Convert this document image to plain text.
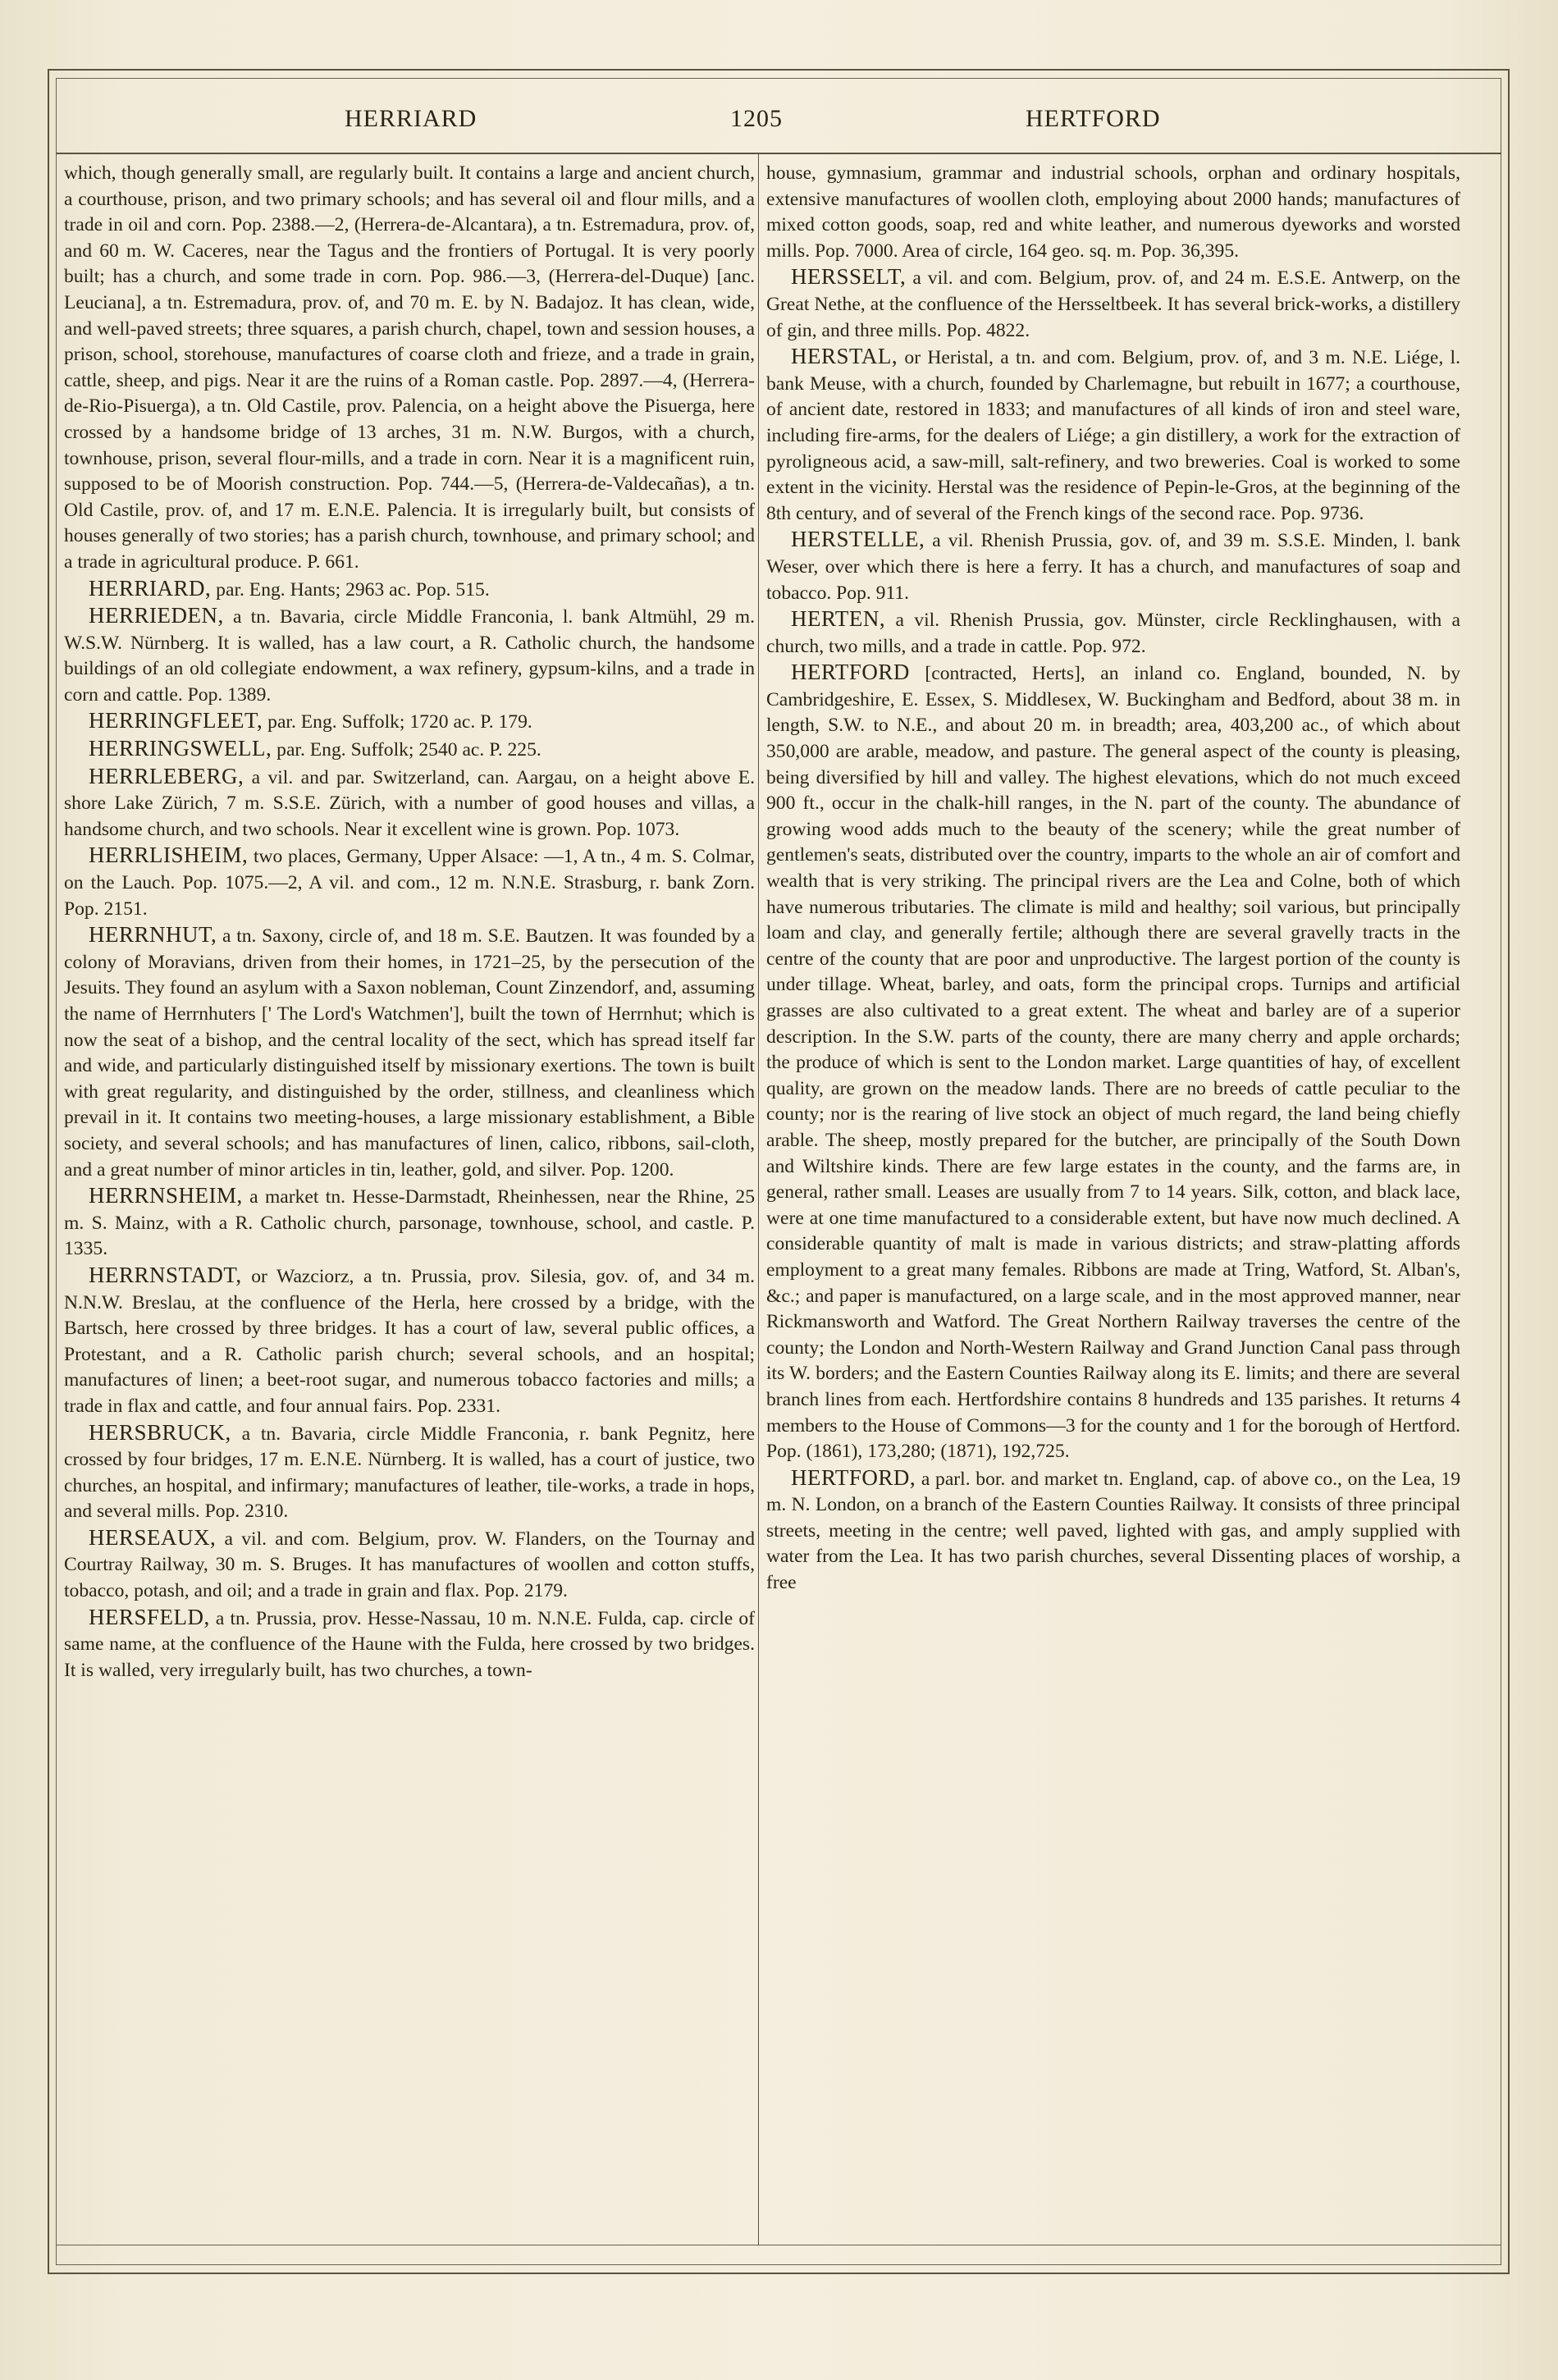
HERRIARD	1205	HERTFORD

which, though generally small, are regularly built. It contains a large and ancient church, a courthouse, prison, and two primary schools; and has several oil and flour mills, and a trade in oil and corn. Pop. 2388.—2, (Herrera-de-Alcantara), a tn. Estremadura, prov. of, and 60 m. W. Caceres, near the Tagus and the frontiers of Portugal. It is very poorly built; has a church, and some trade in corn. Pop. 986.—3, (Herrera-del-Duque) [anc. Leuciana], a tn. Estremadura, prov. of, and 70 m. E. by N. Badajoz. It has clean, wide, and well-paved streets; three squares, a parish church, chapel, town and session houses, a prison, school, storehouse, manufactures of coarse cloth and frieze, and a trade in grain, cattle, sheep, and pigs. Near it are the ruins of a Roman castle. Pop. 2897.—4, (Herrera-de-Rio-Pisuerga), a tn. Old Castile, prov. Palencia, on a height above the Pisuerga, here crossed by a handsome bridge of 13 arches, 31 m. N.W. Burgos, with a church, townhouse, prison, several flour-mills, and a trade in corn. Near it is a magnificent ruin, supposed to be of Moorish construction. Pop. 744.—5, (Herrera-de-Valdecañas), a tn. Old Castile, prov. of, and 17 m. E.N.E. Palencia. It is irregularly built, but consists of houses generally of two stories; has a parish church, townhouse, and primary school; and a trade in agricultural produce. P. 661.

HERRIARD, par. Eng. Hants; 2963 ac. Pop. 515.

HERRIEDEN, a tn. Bavaria, circle Middle Franconia, l. bank Altmühl, 29 m. W.S.W. Nürnberg. It is walled, has a law court, a R. Catholic church, the handsome buildings of an old collegiate endowment, a wax refinery, gypsum-kilns, and a trade in corn and cattle. Pop. 1389.

HERRINGFLEET, par. Eng. Suffolk; 1720 ac. P. 179.

HERRINGSWELL, par. Eng. Suffolk; 2540 ac. P. 225.

HERRLEBERG, a vil. and par. Switzerland, can. Aargau, on a height above E. shore Lake Zürich, 7 m. S.S.E. Zürich, with a number of good houses and villas, a handsome church, and two schools. Near it excellent wine is grown. Pop. 1073.

HERRLISHEIM, two places, Germany, Upper Alsace: —1, A tn., 4 m. S. Colmar, on the Lauch. Pop. 1075.—2, A vil. and com., 12 m. N.N.E. Strasburg, r. bank Zorn. Pop. 2151.

HERRNHUT, a tn. Saxony, circle of, and 18 m. S.E. Bautzen. It was founded by a colony of Moravians, driven from their homes, in 1721–25, by the persecution of the Jesuits. They found an asylum with a Saxon nobleman, Count Zinzendorf, and, assuming the name of Herrnhuters [' The Lord's Watchmen'], built the town of Herrnhut; which is now the seat of a bishop, and the central locality of the sect, which has spread itself far and wide, and particularly distinguished itself by missionary exertions. The town is built with great regularity, and distinguished by the order, stillness, and cleanliness which prevail in it. It contains two meeting-houses, a large missionary establishment, a Bible society, and several schools; and has manufactures of linen, calico, ribbons, sail-cloth, and a great number of minor articles in tin, leather, gold, and silver. Pop. 1200.

HERRNSHEIM, a market tn. Hesse-Darmstadt, Rheinhessen, near the Rhine, 25 m. S. Mainz, with a R. Catholic church, parsonage, townhouse, school, and castle. P. 1335.

HERRNSTADT, or Wazciorz, a tn. Prussia, prov. Silesia, gov. of, and 34 m. N.N.W. Breslau, at the confluence of the Herla, here crossed by a bridge, with the Bartsch, here crossed by three bridges. It has a court of law, several public offices, a Protestant, and a R. Catholic parish church; several schools, and an hospital; manufactures of linen; a beet-root sugar, and numerous tobacco factories and mills; a trade in flax and cattle, and four annual fairs. Pop. 2331.

HERSBRUCK, a tn. Bavaria, circle Middle Franconia, r. bank Pegnitz, here crossed by four bridges, 17 m. E.N.E. Nürnberg. It is walled, has a court of justice, two churches, an hospital, and infirmary; manufactures of leather, tile-works, a trade in hops, and several mills. Pop. 2310.

HERSEAUX, a vil. and com. Belgium, prov. W. Flanders, on the Tournay and Courtray Railway, 30 m. S. Bruges. It has manufactures of woollen and cotton stuffs, tobacco, potash, and oil; and a trade in grain and flax. Pop. 2179.

HERSFELD, a tn. Prussia, prov. Hesse-Nassau, 10 m. N.N.E. Fulda, cap. circle of same name, at the confluence of the Haune with the Fulda, here crossed by two bridges. It is walled, very irregularly built, has two churches, a town-

house, gymnasium, grammar and industrial schools, orphan and ordinary hospitals, extensive manufactures of woollen cloth, employing about 2000 hands; manufactures of mixed cotton goods, soap, red and white leather, and numerous dyeworks and worsted mills. Pop. 7000. Area of circle, 164 geo. sq. m. Pop. 36,395.

HERSSELT, a vil. and com. Belgium, prov. of, and 24 m. E.S.E. Antwerp, on the Great Nethe, at the confluence of the Hersseltbeek. It has several brick-works, a distillery of gin, and three mills. Pop. 4822.

HERSTAL, or Heristal, a tn. and com. Belgium, prov. of, and 3 m. N.E. Liége, l. bank Meuse, with a church, founded by Charlemagne, but rebuilt in 1677; a courthouse, of ancient date, restored in 1833; and manufactures of all kinds of iron and steel ware, including fire-arms, for the dealers of Liége; a gin distillery, a work for the extraction of pyroligneous acid, a saw-mill, salt-refinery, and two breweries. Coal is worked to some extent in the vicinity. Herstal was the residence of Pepin-le-Gros, at the beginning of the 8th century, and of several of the French kings of the second race. Pop. 9736.

HERSTELLE, a vil. Rhenish Prussia, gov. of, and 39 m. S.S.E. Minden, l. bank Weser, over which there is here a ferry. It has a church, and manufactures of soap and tobacco. Pop. 911.

HERTEN, a vil. Rhenish Prussia, gov. Münster, circle Recklinghausen, with a church, two mills, and a trade in cattle. Pop. 972.

HERTFORD [contracted, Herts], an inland co. England, bounded, N. by Cambridgeshire, E. Essex, S. Middlesex, W. Buckingham and Bedford, about 38 m. in length, S.W. to N.E., and about 20 m. in breadth; area, 403,200 ac., of which about 350,000 are arable, meadow, and pasture. The general aspect of the county is pleasing, being diversified by hill and valley. The highest elevations, which do not much exceed 900 ft., occur in the chalk-hill ranges, in the N. part of the county. The abundance of growing wood adds much to the beauty of the scenery; while the great number of gentlemen's seats, distributed over the country, imparts to the whole an air of comfort and wealth that is very striking. The principal rivers are the Lea and Colne, both of which have numerous tributaries. The climate is mild and healthy; soil various, but principally loam and clay, and generally fertile; although there are several gravelly tracts in the centre of the county that are poor and unproductive. The largest portion of the county is under tillage. Wheat, barley, and oats, form the principal crops. Turnips and artificial grasses are also cultivated to a great extent. The wheat and barley are of a superior description. In the S.W. parts of the county, there are many cherry and apple orchards; the produce of which is sent to the London market. Large quantities of hay, of excellent quality, are grown on the meadow lands. There are no breeds of cattle peculiar to the county; nor is the rearing of live stock an object of much regard, the land being chiefly arable. The sheep, mostly prepared for the butcher, are principally of the South Down and Wiltshire kinds. There are few large estates in the county, and the farms are, in general, rather small. Leases are usually from 7 to 14 years. Silk, cotton, and black lace, were at one time manufactured to a considerable extent, but have now much declined. A considerable quantity of malt is made in various districts; and straw-platting affords employment to a great many females. Ribbons are made at Tring, Watford, St. Alban's, &c.; and paper is manufactured, on a large scale, and in the most approved manner, near Rickmansworth and Watford. The Great Northern Railway traverses the centre of the county; the London and North-Western Railway and Grand Junction Canal pass through its W. borders; and the Eastern Counties Railway along its E. limits; and there are several branch lines from each. Hertfordshire contains 8 hundreds and 135 parishes. It returns 4 members to the House of Commons—3 for the county and 1 for the borough of Hertford. Pop. (1861), 173,280; (1871), 192,725.

HERTFORD, a parl. bor. and market tn. England, cap. of above co., on the Lea, 19 m. N. London, on a branch of the Eastern Counties Railway. It consists of three principal streets, meeting in the centre; well paved, lighted with gas, and amply supplied with water from the Lea. It has two parish churches, several Dissenting places of worship, a free
